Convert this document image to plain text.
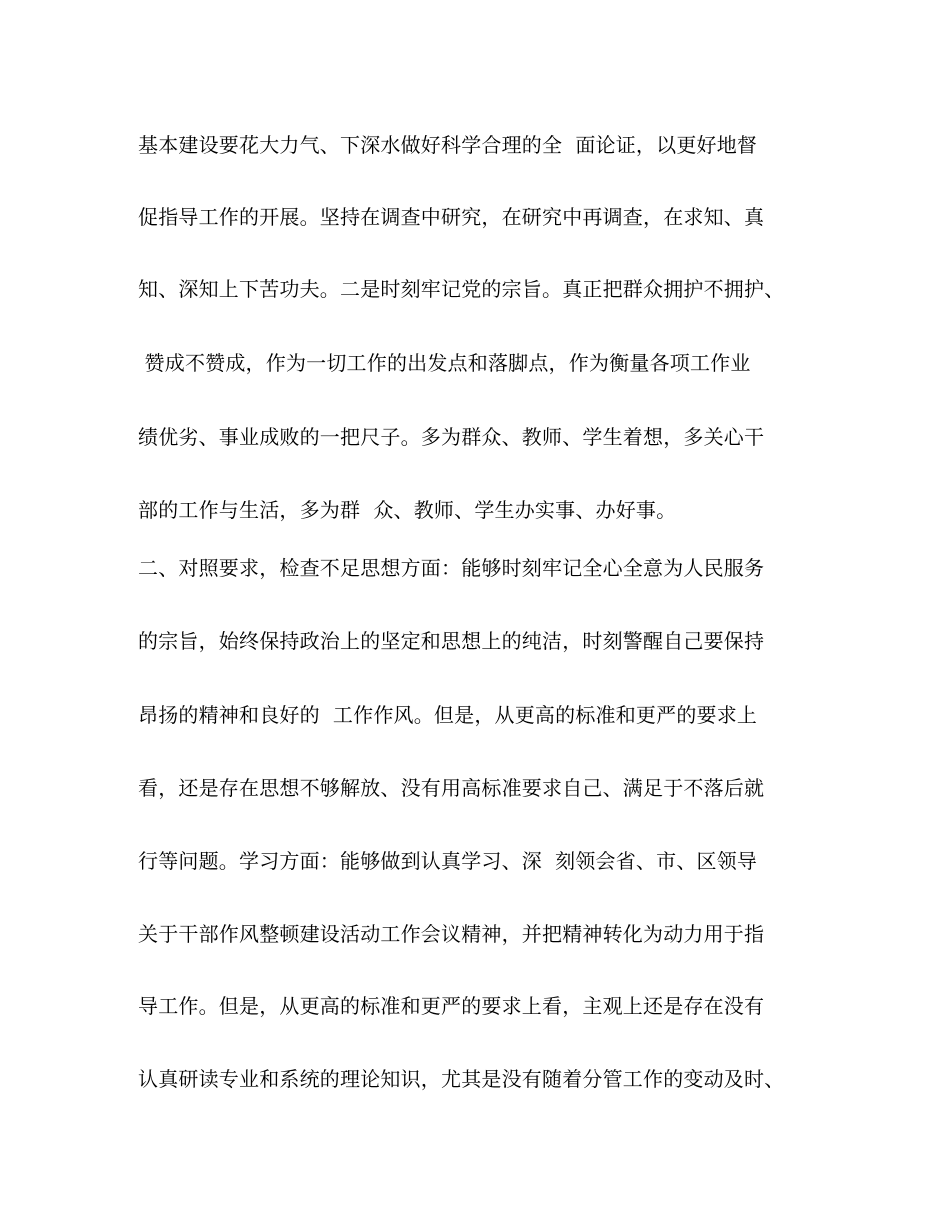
基本建设要花大力气、下深水做好科学合理的全  面论证，以更好地督
促指导工作的开展。坚持在调查中研究，在研究中再调查，在求知、真
知、深知上下苦功夫。二是时刻牢记党的宗旨。真正把群众拥护不拥护、
赞成不赞成，作为一切工作的出发点和落脚点，作为衡量各项工作业
绩优劣、事业成败的一把尺子。多为群众、教师、学生着想，多关心干
部的工作与生活，多为群  众、教师、学生办实事、办好事。
二、对照要求，检查不足思想方面：能够时刻牢记全心全意为人民服务
的宗旨，始终保持政治上的坚定和思想上的纯洁，时刻警醒自己要保持
昂扬的精神和良好的  工作作风。但是，从更高的标准和更严的要求上
看，还是存在思想不够解放、没有用高标准要求自己、满足于不落后就
行等问题。学习方面：能够做到认真学习、深  刻领会省、市、区领导
关于干部作风整顿建设活动工作会议精神，并把精神转化为动力用于指
导工作。但是，从更高的标准和更严的要求上看，主观上还是存在没有
认真研读专业和系统的理论知识，尤其是没有随着分管工作的变动及时、
